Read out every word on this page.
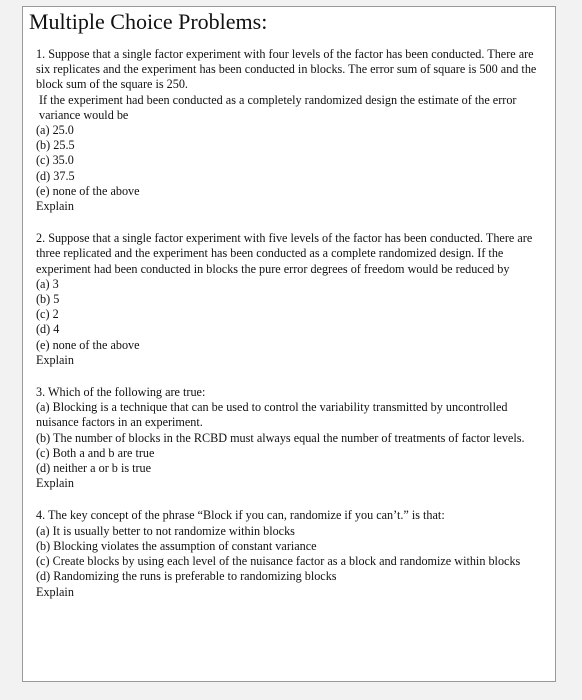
Multiple Choice Problems:

1. Suppose that a single factor experiment with four levels of the factor has been conducted. There are six replicates and the experiment has been conducted in blocks. The error sum of square is 500 and the block sum of the square is 250.

If the experiment had been conducted as a completely randomized design the estimate of the error variance would be

(a) 25.0

(b) 25.5

(c) 35.0

(d) 37.5

(e) none of the above

Explain

2. Suppose that a single factor experiment with five levels of the factor has been conducted. There are three replicated and the experiment has been conducted as a complete randomized design. If the experiment had been conducted in blocks the pure error degrees of freedom would be reduced by

(a) 3

(b) 5

(c) 2

(d) 4

(e) none of the above

Explain

3. Which of the following are true:

(a) Blocking is a technique that can be used to control the variability transmitted by uncontrolled nuisance factors in an experiment.

(b) The number of blocks in the RCBD must always equal the number of treatments of factor levels.

(c) Both a and b are true

(d) neither a or b is true

Explain

4. The key concept of the phrase “Block if you can, randomize if you can’t.” is that:

(a) It is usually better to not randomize within blocks

(b) Blocking violates the assumption of constant variance

(c) Create blocks by using each level of the nuisance factor as a block and randomize within blocks

(d) Randomizing the runs is preferable to randomizing blocks

Explain
